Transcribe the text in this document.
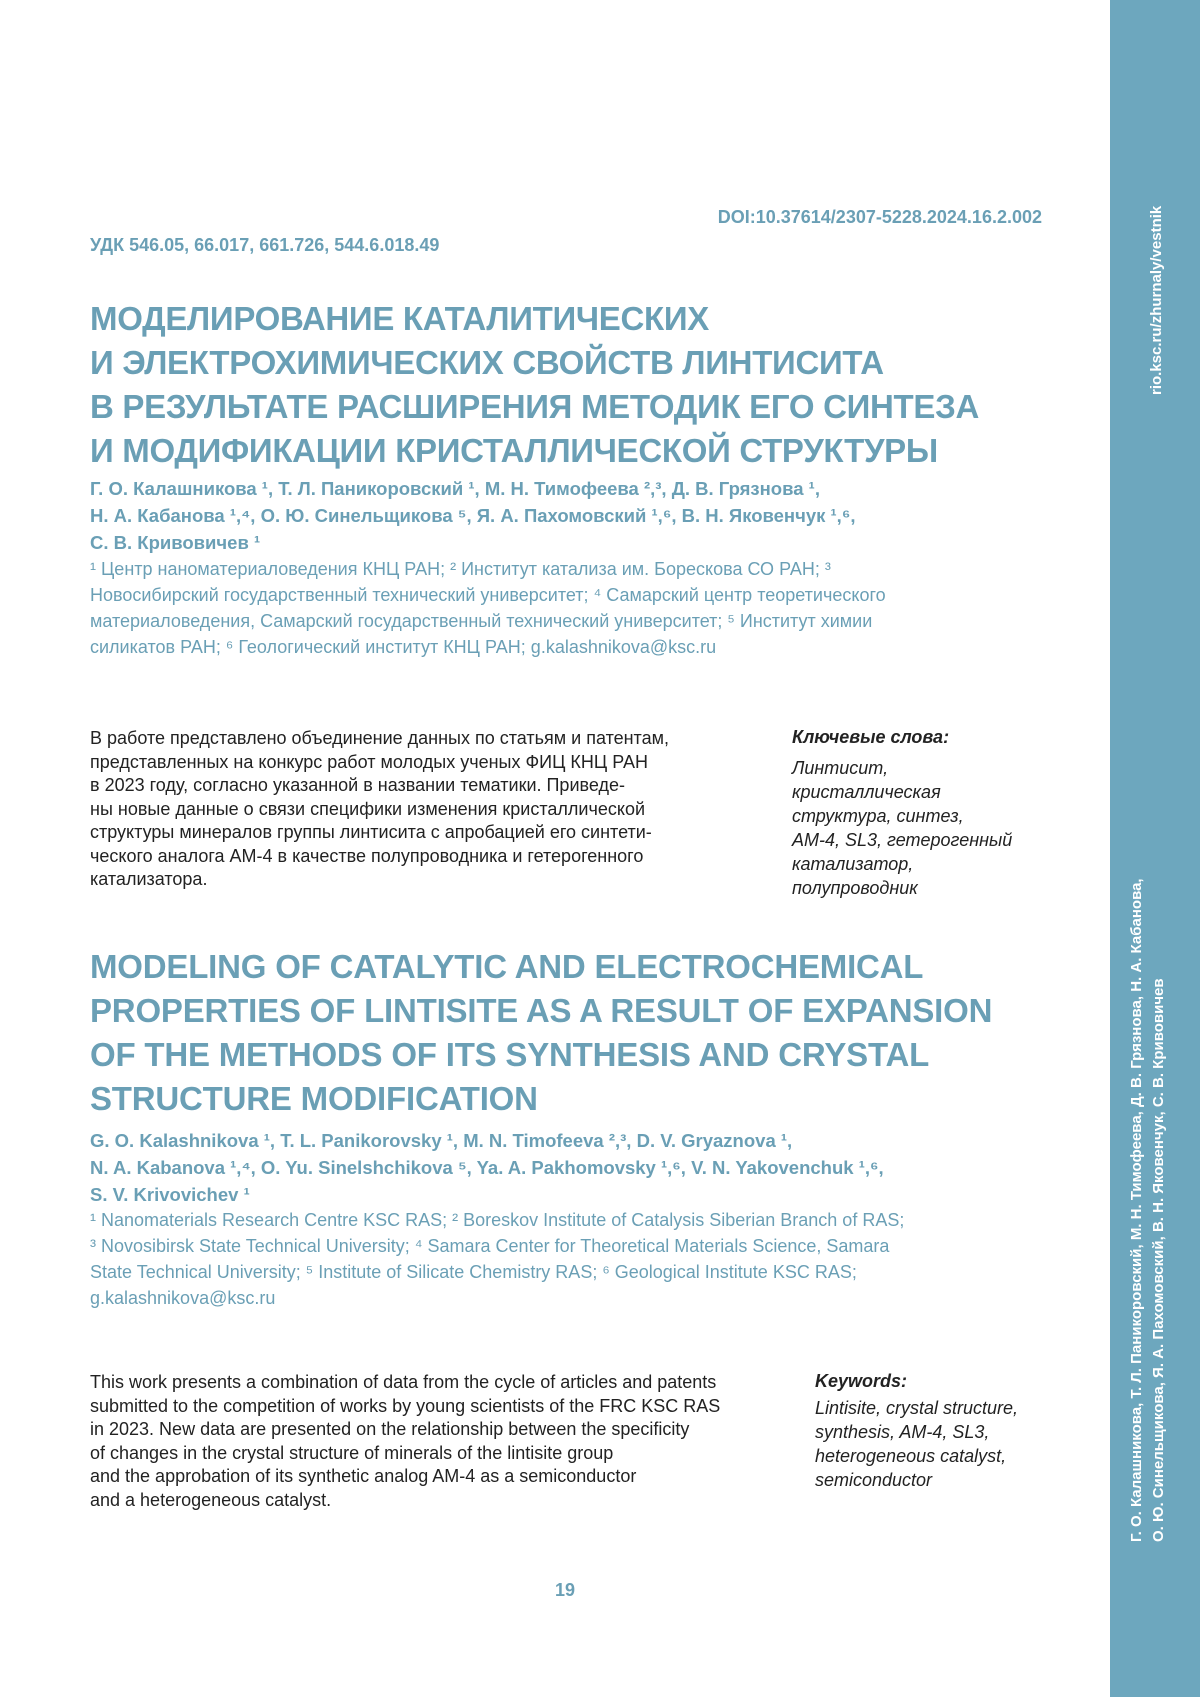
rio.ksc.ru/zhurnaly/vestnik
Г. О. Калашникова, Т. Л. Паникоровский, М. Н. Тимофеева, Д. В. Грязнова, Н. А. Кабанова, О. Ю. Синельщикова, Я. А. Пахомовский, В. Н. Яковенчук, С. В. Кривовичев
DOI:10.37614/2307-5228.2024.16.2.002
УДК 546.05, 66.017, 661.726, 544.6.018.49
МОДЕЛИРОВАНИЕ КАТАЛИТИЧЕСКИХ
И ЭЛЕКТРОХИМИЧЕСКИХ СВОЙСТВ ЛИНТИСИТА
В РЕЗУЛЬТАТЕ РАСШИРЕНИЯ МЕТОДИК ЕГО СИНТЕЗА
И МОДИФИКАЦИИ КРИСТАЛЛИЧЕСКОЙ СТРУКТУРЫ
Г. О. Калашникова ¹, Т. Л. Паникоровский ¹, М. Н. Тимофеева ²,³, Д. В. Грязнова ¹,
Н. А. Кабанова ¹,⁴, О. Ю. Синельщикова ⁵, Я. А. Пахомовский ¹,⁶, В. Н. Яковенчук ¹,⁶,
С. В. Кривовичев ¹
¹ Центр наноматериаловедения КНЦ РАН; ² Институт катализа им. Борескова СО РАН; ³
Новосибирский государственный технический университет; ⁴ Самарский центр теоретического
материаловедения, Самарский государственный технический университет; ⁵ Институт химии
силикатов РАН; ⁶ Геологический институт КНЦ РАН; g.kalashnikova@ksc.ru
В работе представлено объединение данных по статьям и патентам,
представленных на конкурс работ молодых ученых ФИЦ КНЦ РАН
в 2023 году, согласно указанной в названии тематики. Приведе-
ны новые данные о связи специфики изменения кристаллической
структуры минералов группы линтисита с апробацией его синтети-
ческого аналога АМ-4 в качестве полупроводника и гетерогенного
катализатора.
Ключевые слова:
Линтисит,
кристаллическая
структура, синтез,
АМ-4, SL3, гетерогенный
катализатор,
полупроводник
MODELING OF CATALYTIC AND ELECTROCHEMICAL
PROPERTIES OF LINTISITE AS A RESULT OF EXPANSION
OF THE METHODS OF ITS SYNTHESIS AND CRYSTAL
STRUCTURE MODIFICATION
G. O. Kalashnikova ¹, T. L. Panikorovsky ¹, M. N. Timofeeva ²,³, D. V. Gryaznova ¹,
N. A. Kabanova ¹,⁴, O. Yu. Sinelshchikova ⁵, Ya. A. Pakhomovsky ¹,⁶, V. N. Yakovenchuk ¹,⁶,
S. V. Krivovichev ¹
¹ Nanomaterials Research Centre KSC RAS; ² Boreskov Institute of Catalysis Siberian Branch of RAS;
³ Novosibirsk State Technical University; ⁴ Samara Center for Theoretical Materials Science, Samara
State Technical University; ⁵ Institute of Silicate Chemistry RAS; ⁶ Geological Institute KSC RAS;
g.kalashnikova@ksc.ru
This work presents a combination of data from the cycle of articles and patents
submitted to the competition of works by young scientists of the FRC KSC RAS
in 2023. New data are presented on the relationship between the specificity
of changes in the crystal structure of minerals of the lintisite group
and the approbation of its synthetic analog AM-4 as a semiconductor
and a heterogeneous catalyst.
Keywords:
Lintisite, crystal structure,
synthesis, AM-4, SL3,
heterogeneous catalyst,
semiconductor
19
